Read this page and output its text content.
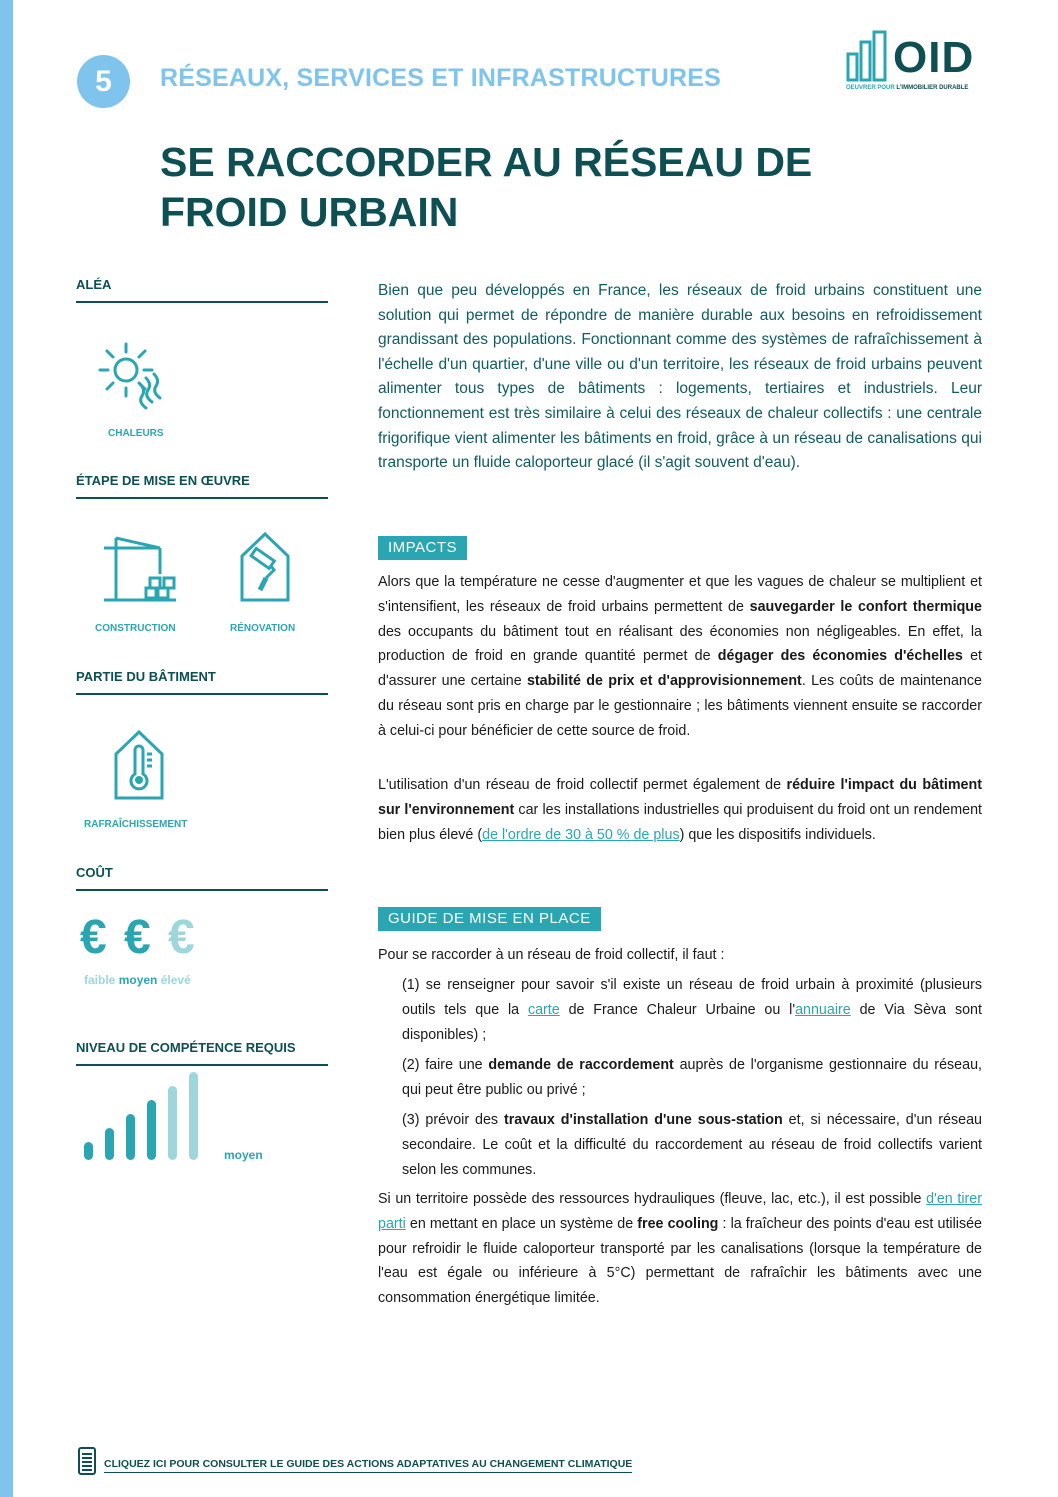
5	RÉSEAUX, SERVICES ET INFRASTRUCTURES	OID
OEUVRER POUR L'IMMOBILIER DURABLE
SE RACCORDER AU RÉSEAU DE
FROID URBAIN
ALÉA
CHALEURS
ÉTAPE DE MISE EN ŒUVRE
CONSTRUCTION	RÉNOVATION
PARTIE DU BÂTIMENT
RAFRAÎCHISSEMENT
COÛT
€ € €
faible moyen élevé
NIVEAU DE COMPÉTENCE REQUIS
moyen

Bien que peu développés en France, les réseaux de froid urbains constituent une solution qui permet de répondre de manière durable aux besoins en refroidissement grandissant des populations. Fonctionnant comme des systèmes de rafraîchissement à l'échelle d'un quartier, d'une ville ou d'un territoire, les réseaux de froid urbains peuvent alimenter tous types de bâtiments : logements, tertiaires et industriels. Leur fonctionnement est très similaire à celui des réseaux de chaleur collectifs : une centrale frigorifique vient alimenter les bâtiments en froid, grâce à un réseau de canalisations qui transporte un fluide caloporteur glacé (il s'agit souvent d'eau).

IMPACTS

Alors que la température ne cesse d'augmenter et que les vagues de chaleur se multiplient et s'intensifient, les réseaux de froid urbains permettent de sauvegarder le confort thermique des occupants du bâtiment tout en réalisant des économies non négligeables. En effet, la production de froid en grande quantité permet de dégager des économies d'échelles et d'assurer une certaine stabilité de prix et d'approvisionnement. Les coûts de maintenance du réseau sont pris en charge par le gestionnaire ; les bâtiments viennent ensuite se raccorder à celui-ci pour bénéficier de cette source de froid.

L'utilisation d'un réseau de froid collectif permet également de réduire l'impact du bâtiment sur l'environnement car les installations industrielles qui produisent du froid ont un rendement bien plus élevé (de l'ordre de 30 à 50 % de plus) que les dispositifs individuels.

GUIDE DE MISE EN PLACE

Pour se raccorder à un réseau de froid collectif, il faut :

(1) se renseigner pour savoir s'il existe un réseau de froid urbain à proximité (plusieurs outils tels que la carte de France Chaleur Urbaine ou l'annuaire de Via Sèva sont disponibles) ;

(2) faire une demande de raccordement auprès de l'organisme gestionnaire du réseau, qui peut être public ou privé ;

(3) prévoir des travaux d'installation d'une sous-station et, si nécessaire, d'un réseau secondaire. Le coût et la difficulté du raccordement au réseau de froid collectifs varient selon les communes.

Si un territoire possède des ressources hydrauliques (fleuve, lac, etc.), il est possible d'en tirer parti en mettant en place un système de free cooling : la fraîcheur des points d'eau est utilisée pour refroidir le fluide caloporteur transporté par les canalisations (lorsque la température de l'eau est égale ou inférieure à 5°C) permettant de rafraîchir les bâtiments avec une consommation énergétique limitée.

CLIQUEZ ICI POUR CONSULTER LE GUIDE DES ACTIONS ADAPTATIVES AU CHANGEMENT CLIMATIQUE
